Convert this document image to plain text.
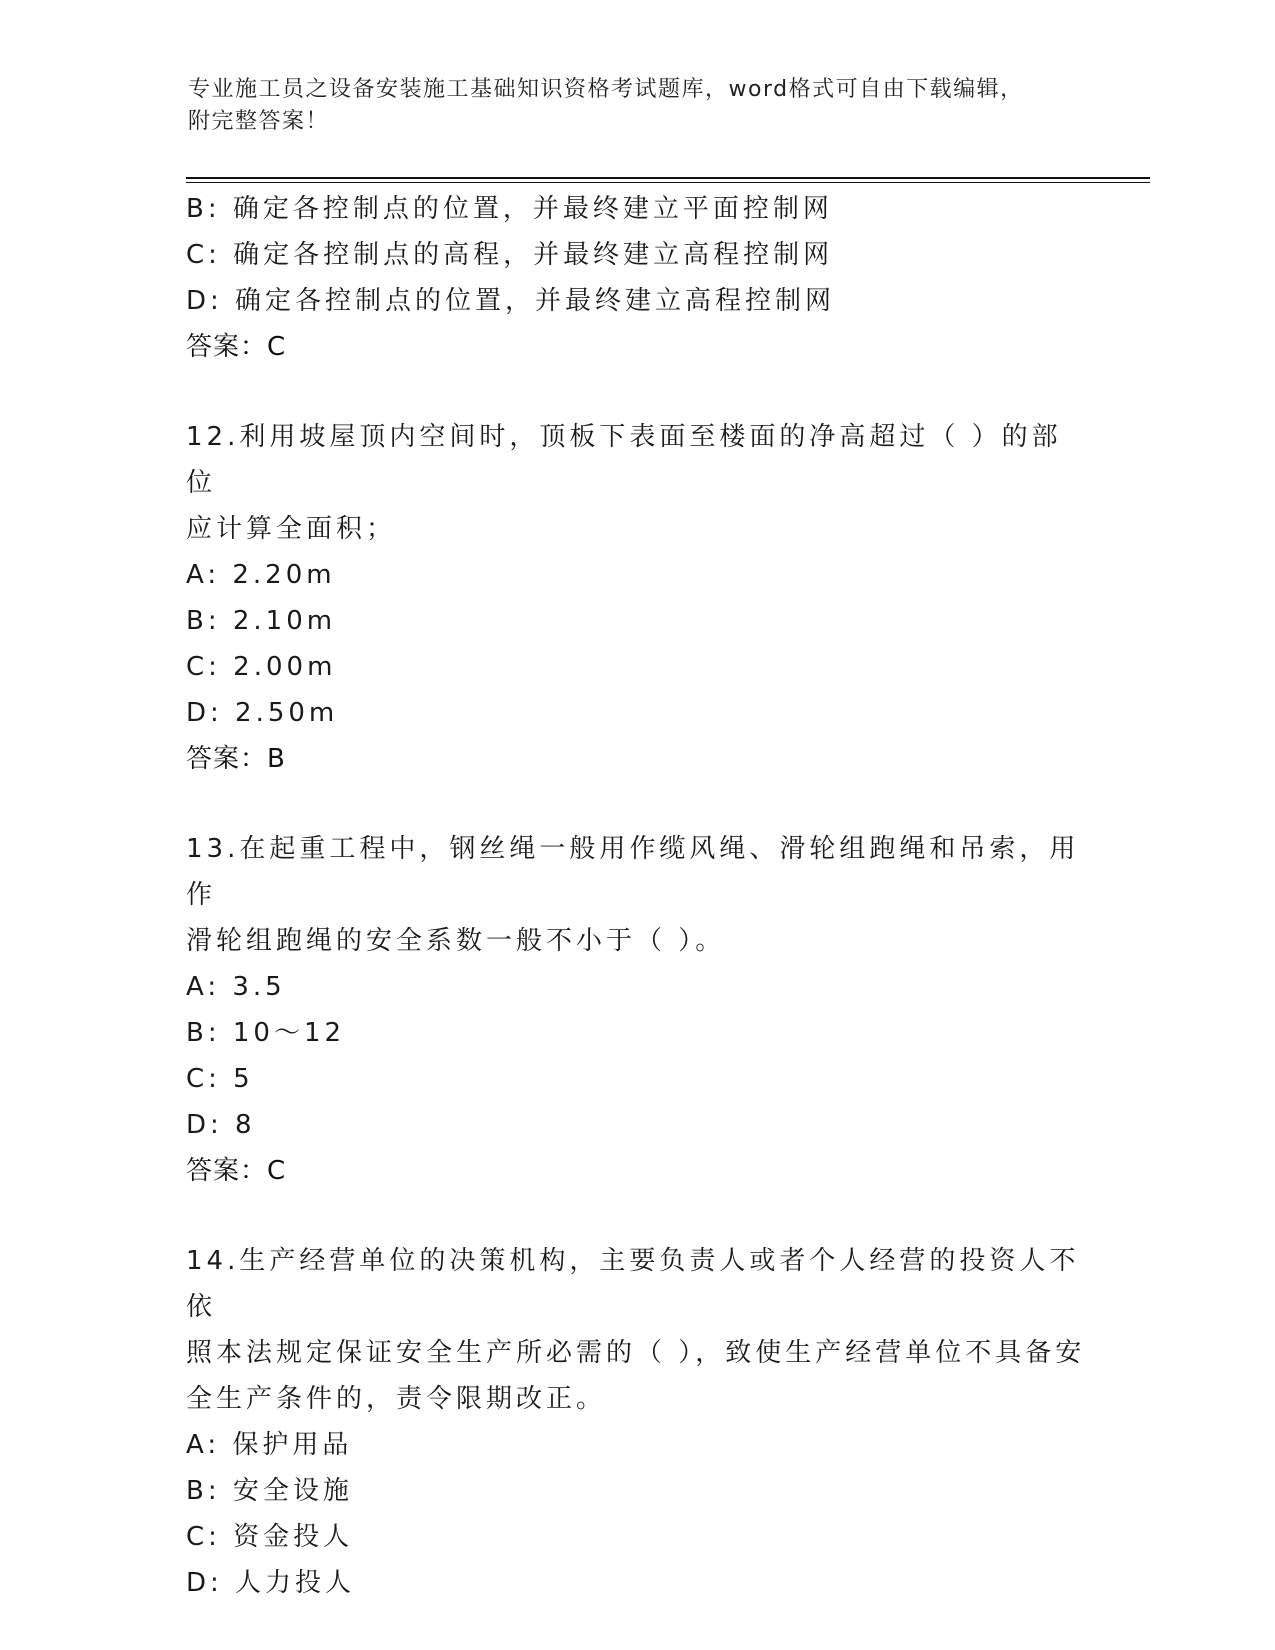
专业施工员之设备安装施工基础知识资格考试题库，word格式可自由下载编辑，
附完整答案！
B: 确定各控制点的位置，并最终建立平面控制网
C: 确定各控制点的高程，并最终建立高程控制网
D: 确定各控制点的位置，并最终建立高程控制网
答案：C
12.利用坡屋顶内空间时，顶板下表面至楼面的净高超过（ ）的部位
应计算全面积；
A: 2.20m
B: 2.10m
C: 2.00m
D: 2.50m
答案：B
13.在起重工程中，钢丝绳一般用作缆风绳、滑轮组跑绳和吊索，用作
滑轮组跑绳的安全系数一般不小于（ ）。
A: 3.5
B: 10～12
C: 5
D: 8
答案：C
14.生产经营单位的决策机构，主要负责人或者个人经营的投资人不依
照本法规定保证安全生产所必需的（ ），致使生产经营单位不具备安
全生产条件的，责令限期改正。
A: 保护用品
B: 安全设施
C: 资金投人
D: 人力投人
